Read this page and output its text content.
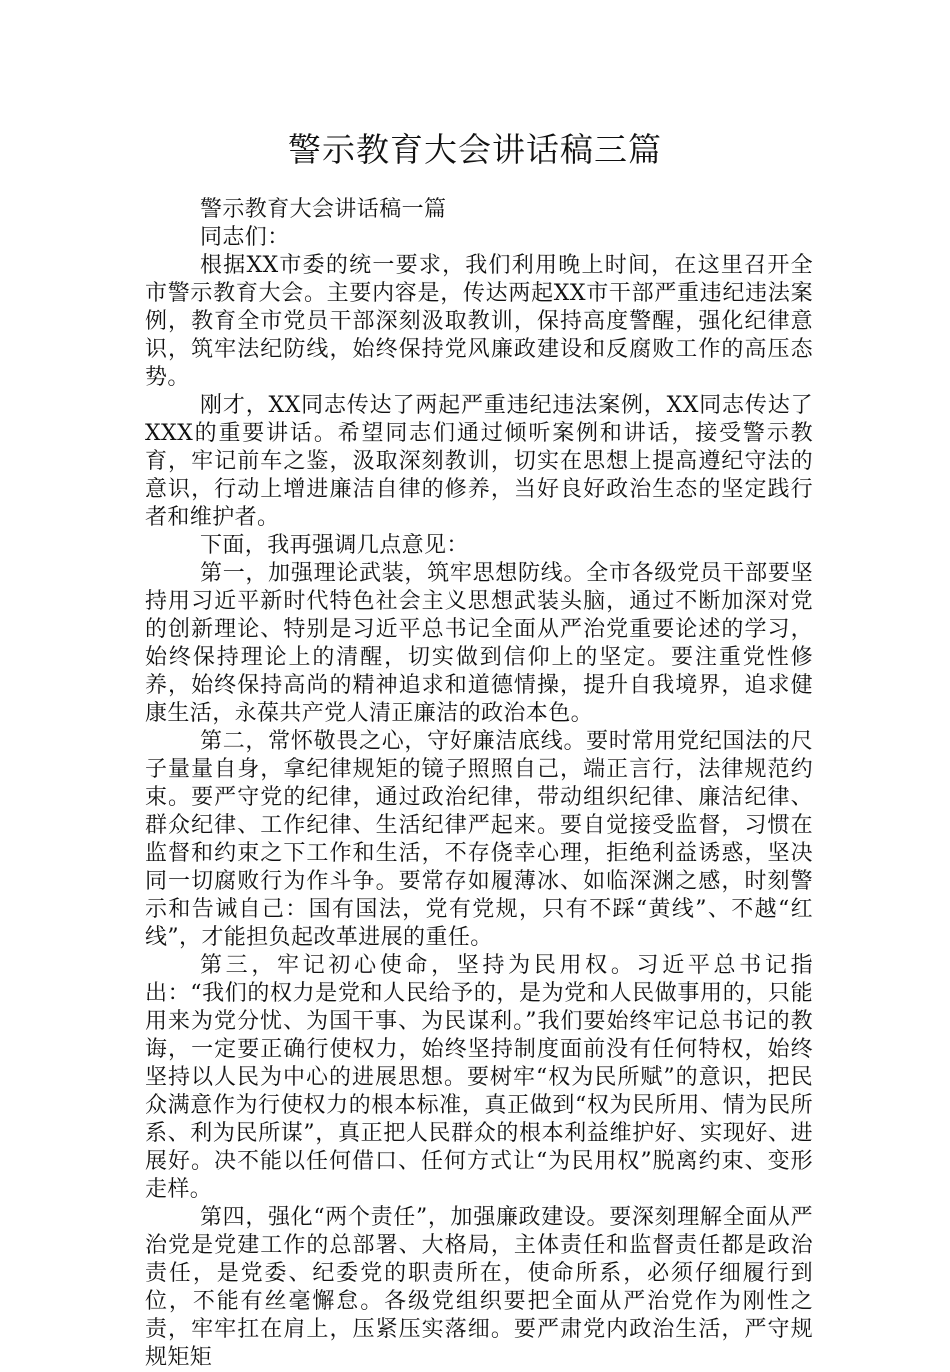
警示教育大会讲话稿三篇

警示教育大会讲话稿一篇

同志们：

根据XX市委的统一要求，我们利用晚上时间，在这里召开全市警示教育大会。主要内容是，传达两起XX市干部严重违纪违法案例，教育全市党员干部深刻汲取教训，保持高度警醒，强化纪律意识，筑牢法纪防线，始终保持党风廉政建设和反腐败工作的高压态势。

刚才，XX同志传达了两起严重违纪违法案例，XX同志传达了XXX的重要讲话。希望同志们通过倾听案例和讲话，接受警示教育，牢记前车之鉴，汲取深刻教训，切实在思想上提高遵纪守法的意识，行动上增进廉洁自律的修养，当好良好政治生态的坚定践行者和维护者。

下面，我再强调几点意见：

第一，加强理论武装，筑牢思想防线。全市各级党员干部要坚持用习近平新时代特色社会主义思想武装头脑，通过不断加深对党的创新理论、特别是习近平总书记全面从严治党重要论述的学习，始终保持理论上的清醒，切实做到信仰上的坚定。要注重党性修养，始终保持高尚的精神追求和道德情操，提升自我境界，追求健康生活，永葆共产党人清正廉洁的政治本色。

第二，常怀敬畏之心，守好廉洁底线。要时常用党纪国法的尺子量量自身，拿纪律规矩的镜子照照自己，端正言行，法律规范约束。要严守党的纪律，通过政治纪律，带动组织纪律、廉洁纪律、群众纪律、工作纪律、生活纪律严起来。要自觉接受监督，习惯在监督和约束之下工作和生活，不存侥幸心理，拒绝利益诱惑，坚决同一切腐败行为作斗争。要常存如履薄冰、如临深渊之感，时刻警示和告诫自己：国有国法，党有党规，只有不踩“黄线”、不越“红线”，才能担负起改革进展的重任。

第三，牢记初心使命，坚持为民用权。习近平总书记指出：“我们的权力是党和人民给予的，是为党和人民做事用的，只能用来为党分忧、为国干事、为民谋利。”我们要始终牢记总书记的教诲，一定要正确行使权力，始终坚持制度面前没有任何特权，始终坚持以人民为中心的进展思想。要树牢“权为民所赋”的意识，把民众满意作为行使权力的根本标准，真正做到“权为民所用、情为民所系、利为民所谋”，真正把人民群众的根本利益维护好、实现好、进展好。决不能以任何借口、任何方式让“为民用权”脱离约束、变形走样。

第四，强化“两个责任”，加强廉政建设。要深刻理解全面从严治党是党建工作的总部署、大格局，主体责任和监督责任都是政治责任，是党委、纪委党的职责所在，使命所系，必须仔细履行到位，不能有丝毫懈怠。各级党组织要把全面从严治党作为刚性之责，牢牢扛在肩上，压紧压实落细。要严肃党内政治生活，严守规规矩矩
